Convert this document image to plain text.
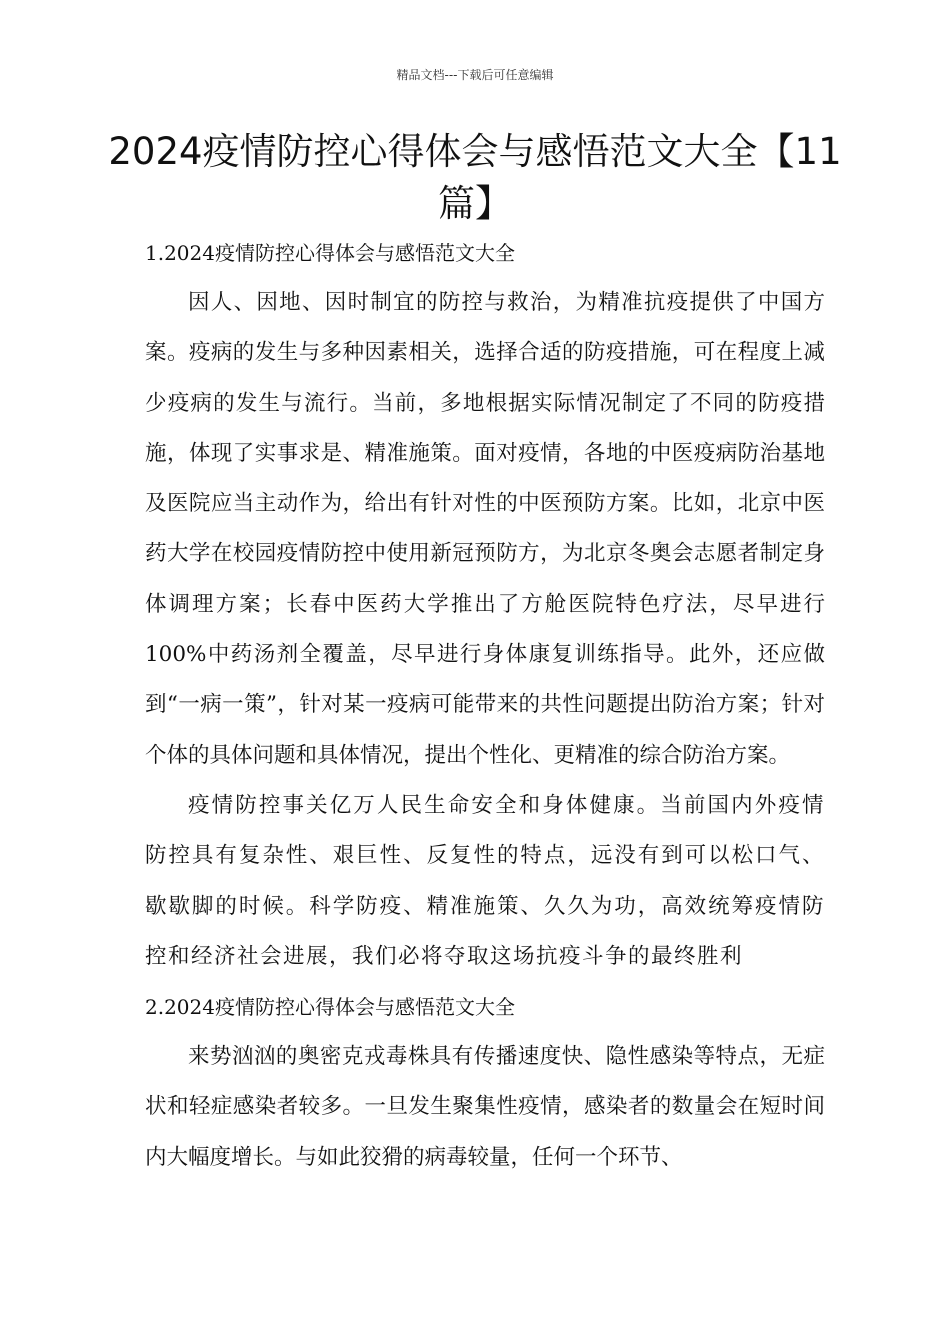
精品文档---下载后可任意编辑
2024疫情防控心得体会与感悟范文大全【11篇】
1.2024疫情防控心得体会与感悟范文大全

因人、因地、因时制宜的防控与救治，为精准抗疫提供了中国方案。疫病的发生与多种因素相关，选择合适的防疫措施，可在程度上减少疫病的发生与流行。当前，多地根据实际情况制定了不同的防疫措施，体现了实事求是、精准施策。面对疫情，各地的中医疫病防治基地及医院应当主动作为，给出有针对性的中医预防方案。比如，北京中医药大学在校园疫情防控中使用新冠预防方，为北京冬奥会志愿者制定身体调理方案；长春中医药大学推出了方舱医院特色疗法，尽早进行100%中药汤剂全覆盖，尽早进行身体康复训练指导。此外，还应做到“一病一策”，针对某一疫病可能带来的共性问题提出防治方案；针对个体的具体问题和具体情况，提出个性化、更精准的综合防治方案。

疫情防控事关亿万人民生命安全和身体健康。当前国内外疫情防控具有复杂性、艰巨性、反复性的特点，远没有到可以松口气、歇歇脚的时候。科学防疫、精准施策、久久为功，高效统筹疫情防控和经济社会进展，我们必将夺取这场抗疫斗争的最终胜利

2.2024疫情防控心得体会与感悟范文大全

来势汹汹的奥密克戎毒株具有传播速度快、隐性感染等特点，无症状和轻症感染者较多。一旦发生聚集性疫情，感染者的数量会在短时间内大幅度增长。与如此狡猾的病毒较量，任何一个环节、
